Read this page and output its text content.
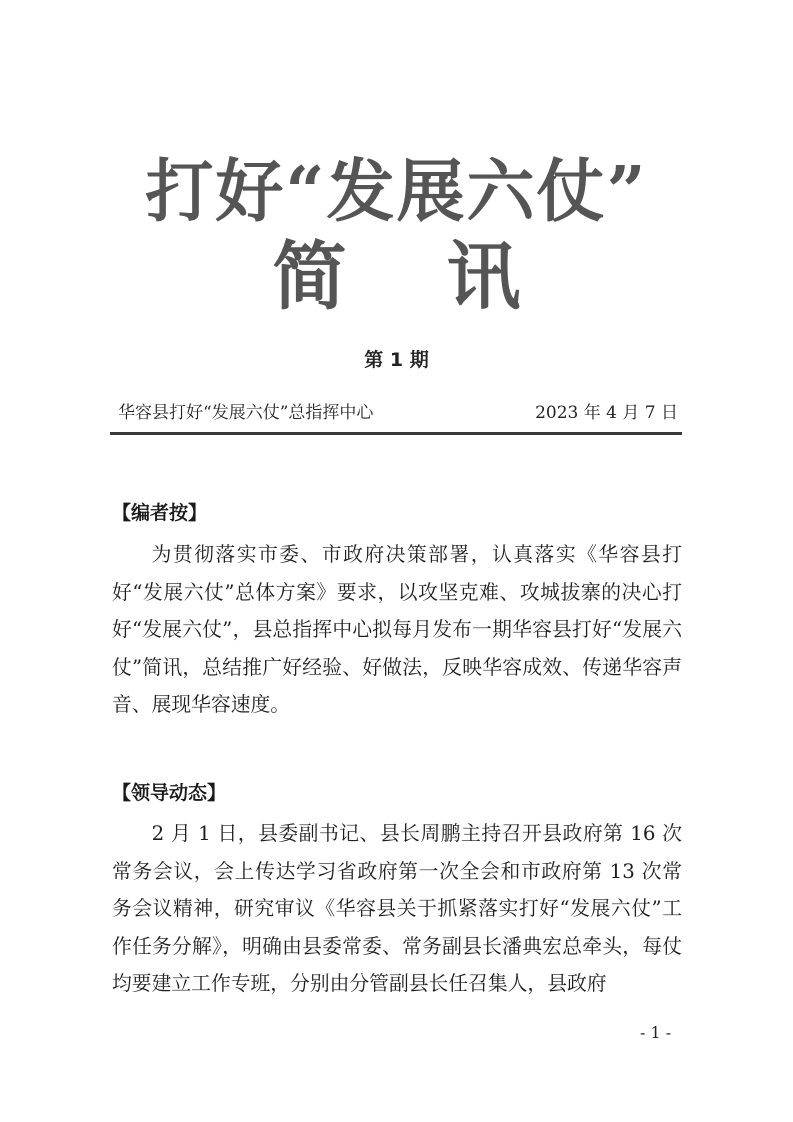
打好“发展六仗”
简讯
第 1 期
华容县打好“发展六仗”总指挥中心	2023 年 4 月 7 日
【编者按】

为贯彻落实市委、市政府决策部署，认真落实《华容县打好“发展六仗”总体方案》要求，以攻坚克难、攻城拔寨的决心打好“发展六仗”，县总指挥中心拟每月发布一期华容县打好“发展六仗”简讯，总结推广好经验、好做法，反映华容成效、传递华容声音、展现华容速度。

【领导动态】

2 月 1 日，县委副书记、县长周鹏主持召开县政府第 16 次常务会议，会上传达学习省政府第一次全会和市政府第 13 次常务会议精神，研究审议《华容县关于抓紧落实打好“发展六仗”工作任务分解》，明确由县委常委、常务副县长潘典宏总牵头，每仗均要建立工作专班，分别由分管副县长任召集人，县政府

- 1 -
